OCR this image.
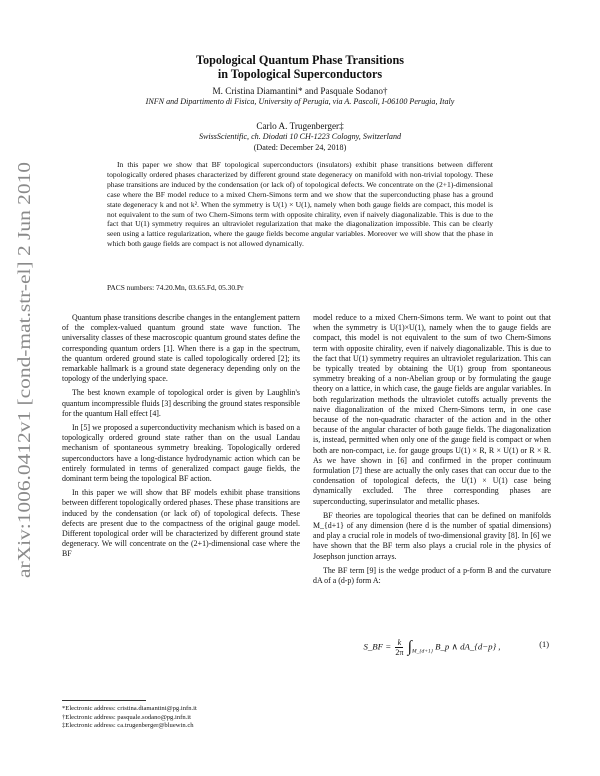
arXiv:1006.0412v1 [cond-mat.str-el] 2 Jun 2010
Topological Quantum Phase Transitions
in Topological Superconductors
M. Cristina Diamantini* and Pasquale Sodano†
INFN and Dipartimento di Fisica, University of Perugia, via A. Pascoli, I-06100 Perugia, Italy
Carlo A. Trugenberger‡
SwissScientific, ch. Diodati 10 CH-1223 Cologny, Switzerland
(Dated: December 24, 2018)

In this paper we show that BF topological superconductors (insulators) exhibit phase transitions between different topologically ordered phases characterized by different ground state degeneracy on manifold with non-trivial topology. These phase transitions are induced by the condensation (or lack of) of topological defects. We concentrate on the (2+1)-dimensional case where the BF model reduce to a mixed Chern-Simons term and we show that the superconducting phase has a ground state degeneracy k and not k². When the symmetry is U(1) × U(1), namely when both gauge fields are compact, this model is not equivalent to the sum of two Chern-Simons term with opposite chirality, even if naively diagonalizable. This is due to the fact that U(1) symmetry requires an ultraviolet regularization that make the diagonalization impossible. This can be clearly seen using a lattice regularization, where the gauge fields become angular variables. Moreover we will show that the phase in which both gauge fields are compact is not allowed dynamically.

PACS numbers: 74.20.Mn, 03.65.Fd, 05.30.Pr

Quantum phase transitions describe changes in the entanglement pattern of the complex-valued quantum ground state wave function. The universality classes of these macroscopic quantum ground states define the corresponding quantum orders [1]. When there is a gap in the spectrum, the quantum ordered ground state is called topologically ordered [2]; its remarkable hallmark is a ground state degeneracy depending only on the topology of the underlying space.

The best known example of topological order is given by Laughlin's quantum incompressible fluids [3] describing the ground states responsible for the quantum Hall effect [4].

In [5] we proposed a superconductivity mechanism which is based on a topologically ordered ground state rather than on the usual Landau mechanism of spontaneous symmetry breaking. Topologically ordered superconductors have a long-distance hydrodynamic action which can be entirely formulated in terms of generalized compact gauge fields, the dominant term being the topological BF action.

In this paper we will show that BF models exhibit phase transitions between different topologically ordered phases. These phase transitions are induced by the condensation (or lack of) of topological defects. These defects are present due to the compactness of the original gauge model. Different topological order will be characterized by different ground state degeneracy. We will concentrate on the (2+1)-dimensional case where the BF

model reduce to a mixed Chern-Simons term. We want to point out that when the symmetry is U(1)×U(1), namely when the to gauge fields are compact, this model is not equivalent to the sum of two Chern-Simons term with opposite chirality, even if naively diagonalizable. This is due to the fact that U(1) symmetry requires an ultraviolet regularization. This can be typically treated by obtaining the U(1) group from spontaneous symmetry breaking of a non-Abelian group or by formulating the gauge theory on a lattice, in which case, the gauge fields are angular variables. In both regularization methods the ultraviolet cutoffs actually prevents the naive diagonalization of the mixed Chern-Simons term, in one case because of the non-quadratic character of the action and in the other because of the angular character of both gauge fields. The diagonalization is, instead, permitted when only one of the gauge field is compact or when both are non-compact, i.e. for gauge groups U(1) × R, R × U(1) or R × R. As we have shown in [6] and confirmed in the proper continuum formulation [7] these are actually the only cases that can occur due to the condensation of topological defects, the U(1) × U(1) case being dynamically excluded. The three corresponding phases are superconducting, superinsulator and metallic phases.

BF theories are topological theories that can be defined on manifolds M_{d+1} of any dimension (here d is the number of spatial dimensions) and play a crucial role in models of two-dimensional gravity [8]. In [6] we have shown that the BF term also plays a crucial role in the physics of Josephson junction arrays.

The BF term [9] is the wedge product of a p-form B and the curvature dA of a (d-p) form A:

S_BF = $\frac{k}{2\pi} \int_{M\_\{d+1\}}$ B_p ∧ dA_{d−p} ,	(1)
*Electronic address: cristina.diamantini@pg.infn.it
†Electronic address: pasquale.sodano@pg.infn.it
‡Electronic address: ca.trugenberger@bluewin.ch
